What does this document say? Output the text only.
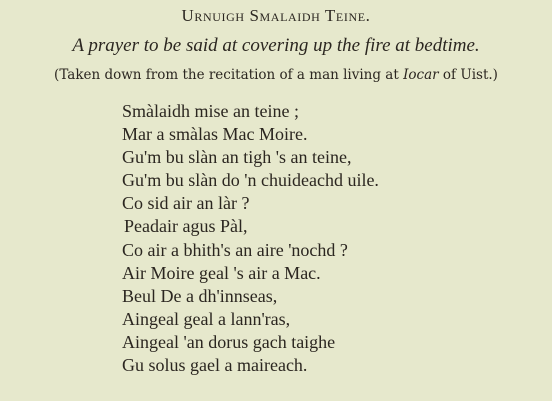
Urnuigh Smalaidh Teine.
A prayer to be said at covering up the fire at bedtime.
(Taken down from the recitation of a man living at Iocar of Uist.)
Smàlaidh mise an teine ;
Mar a smàlas Mac Moire.
Gu'm bu slàn an tigh 's an teine,
Gu'm bu slàn do 'n chuideachd uile.
Co sid air an làr ?
Peadair agus Pàl,
Co air a bhith's an aire 'nochd ?
Air Moire geal 's air a Mac.
Beul De a dh'innseas,
Aingeal geal a lann'ras,
Aingeal 'an dorus gach taighe
Gu solus gael a maireach.
